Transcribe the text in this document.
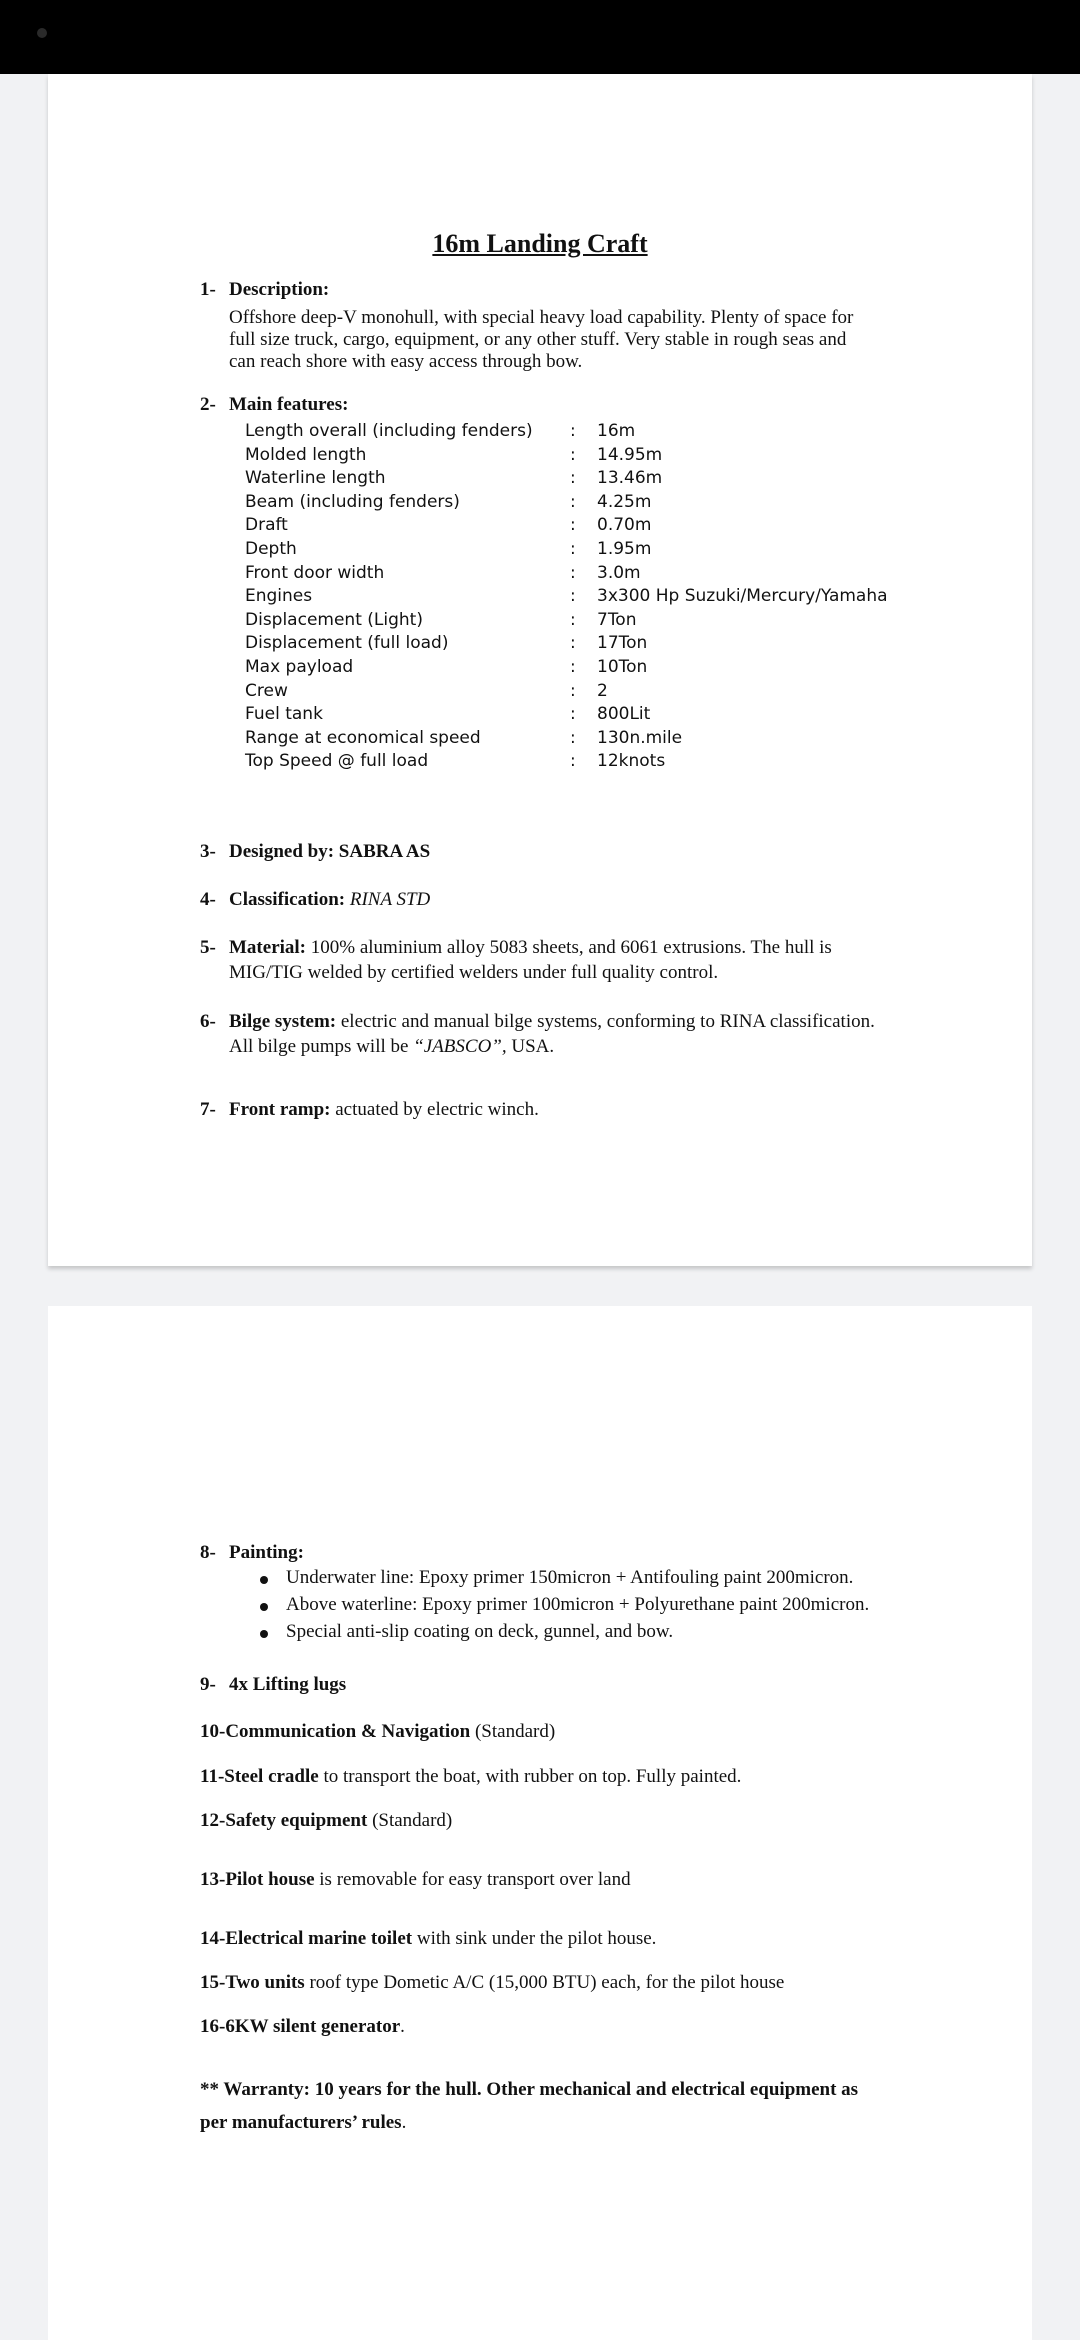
16m Landing Craft

1- Description:

Offshore deep-V monohull, with special heavy load capability. Plenty of space for full size truck, cargo, equipment, or any other stuff. Very stable in rough seas and can reach shore with easy access through bow.

2- Main features:
3- Designed by: SABRA AS
4- Classification: RINA STD
5- Material: 100% aluminium alloy 5083 sheets, and 6061 extrusions. The hull is
MIG/TIG welded by certified welders under full quality control.
6- Bilge system: electric and manual bilge systems, conforming to RINA classification.
All bilge pumps will be “JABSCO”, USA.
7- Front ramp: actuated by electric winch.
Length overall (including fenders) : 16m
Molded length	: 14.95m
Waterline length	: 13.46m
Beam (including fenders)	: 4.25m
Draft	: 0.70m
Depth	: 1.95m
Front door width	: 3.0m
Engines	: 3x300 Hp Suzuki/Mercury/Yamaha
Displacement (Light)	: 7Ton
Displacement (full load)	: 17Ton
Max payload	: 10Ton
Crew	: 2
Fuel tank	: 800Lit
Range at economical speed	: 130n.mile
Top Speed @ full load	: 12knots
8- Painting:
Underwater line: Epoxy primer 150micron + Antifouling paint 200micron.
Above waterline: Epoxy primer 100micron + Polyurethane paint 200micron.
Special anti-slip coating on deck, gunnel, and bow.
9- 4x Lifting lugs
10-Communication & Navigation (Standard)
11-Steel cradle to transport the boat, with rubber on top. Fully painted.
12-Safety equipment (Standard)
13-Pilot house is removable for easy transport over land
14-Electrical marine toilet with sink under the pilot house.
15-Two units roof type Dometic A/C (15,000 BTU) each, for the pilot house
16-6KW silent generator.
** Warranty: 10 years for the hull. Other mechanical and electrical equipment as
per manufacturers’ rules.
